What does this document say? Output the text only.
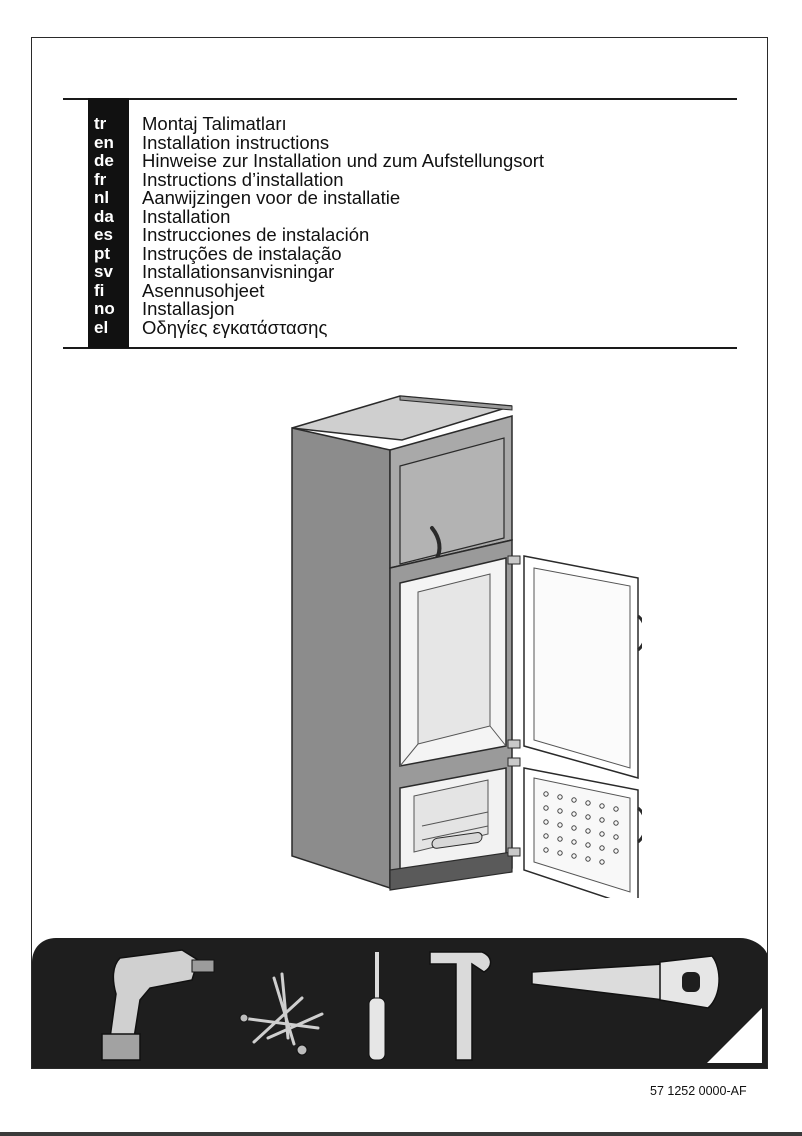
tr Montaj Talimatları
en Installation instructions
de Hinweise zur Installation und zum Aufstellungsort
fr Instructions d’installation
nl Aanwijzingen voor de installatie
da Installation
es Instrucciones de instalación
pt Instruções de instalação
sv Installationsanvisningar
fi Asennusohjeet
no Installasjon
el Οδηγίες εγκατάστασης
57 1252 0000-AF
